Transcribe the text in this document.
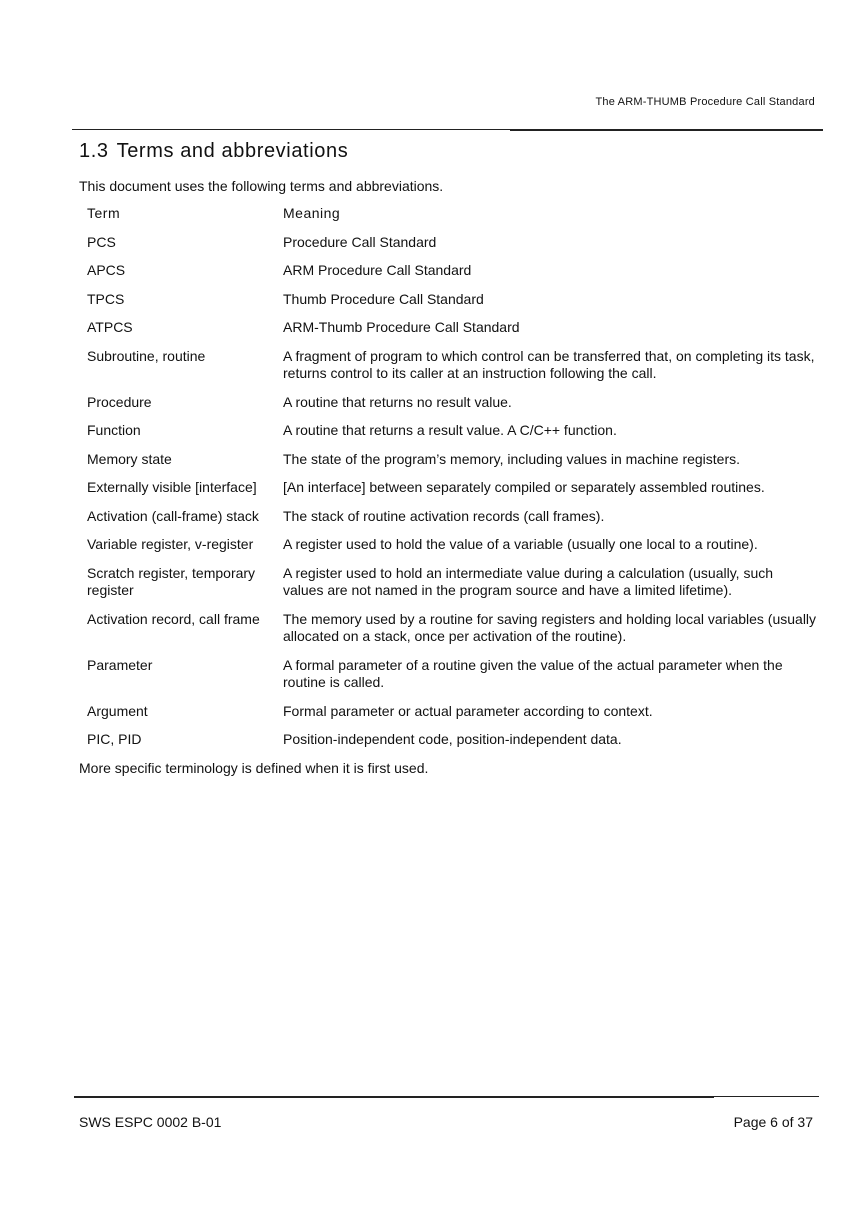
The ARM-THUMB Procedure Call Standard
1.3 Terms and abbreviations
This document uses the following terms and abbreviations.
Term	Meaning
PCS	Procedure Call Standard
APCS	ARM Procedure Call Standard
TPCS	Thumb Procedure Call Standard
ATPCS	ARM-Thumb Procedure Call Standard
Subroutine, routine	A fragment of program to which control can be transferred that, on completing its task, returns control to its caller at an instruction following the call.
Procedure	A routine that returns no result value.
Function	A routine that returns a result value. A C/C++ function.
Memory state	The state of the program’s memory, including values in machine registers.
Externally visible [interface]	[An interface] between separately compiled or separately assembled routines.
Activation (call-frame) stack	The stack of routine activation records (call frames).
Variable register, v-register	A register used to hold the value of a variable (usually one local to a routine).
Scratch register, temporary register	A register used to hold an intermediate value during a calculation (usually, such values are not named in the program source and have a limited lifetime).
Activation record, call frame	The memory used by a routine for saving registers and holding local variables (usually allocated on a stack, once per activation of the routine).
Parameter	A formal parameter of a routine given the value of the actual parameter when the routine is called.
Argument	Formal parameter or actual parameter according to context.
PIC, PID	Position-independent code, position-independent data.
More specific terminology is defined when it is first used.
SWS ESPC 0002 B-01	Page 6 of 37
